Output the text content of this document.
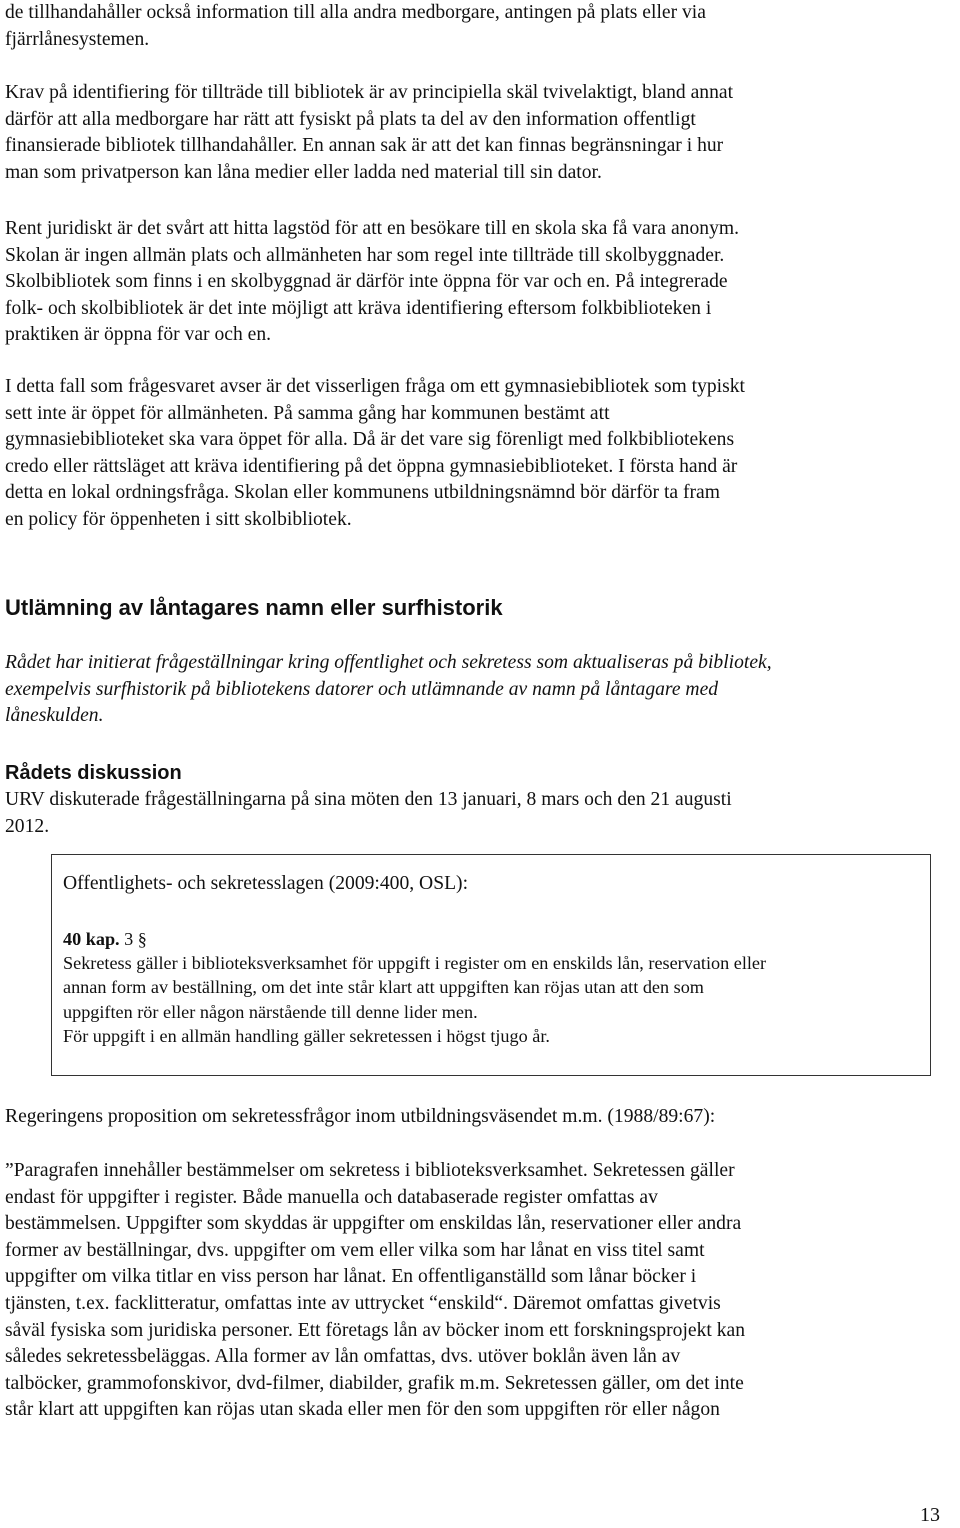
de tillhandahåller också information till alla andra medborgare, antingen på plats eller via
fjärrlånesystemen.

Krav på identifiering för tillträde till bibliotek är av principiella skäl tvivelaktigt, bland annat
därför att alla medborgare har rätt att fysiskt på plats ta del av den information offentligt
finansierade bibliotek tillhandahåller. En annan sak är att det kan finnas begränsningar i hur
man som privatperson kan låna medier eller ladda ned material till sin dator.

Rent juridiskt är det svårt att hitta lagstöd för att en besökare till en skola ska få vara anonym.
Skolan är ingen allmän plats och allmänheten har som regel inte tillträde till skolbyggnader.
Skolbibliotek som finns i en skolbyggnad är därför inte öppna för var och en. På integrerade
folk- och skolbibliotek är det inte möjligt att kräva identifiering eftersom folkbiblioteken i
praktiken är öppna för var och en.

I detta fall som frågesvaret avser är det visserligen fråga om ett gymnasiebibliotek som typiskt
sett inte är öppet för allmänheten. På samma gång har kommunen bestämt att
gymnasiebiblioteket ska vara öppet för alla. Då är det vare sig förenligt med folkbibliotekens
credo eller rättsläget att kräva identifiering på det öppna gymnasiebiblioteket. I första hand är
detta en lokal ordningsfråga. Skolan eller kommunens utbildningsnämnd bör därför ta fram
en policy för öppenheten i sitt skolbibliotek.

Utlämning av låntagares namn eller surfhistorik

Rådet har initierat frågeställningar kring offentlighet och sekretess som aktualiseras på bibliotek,
exempelvis surfhistorik på bibliotekens datorer och utlämnande av namn på låntagare med
låneskulden.

Rådets diskussion

URV diskuterade frågeställningarna på sina möten den 13 januari, 8 mars och den 21 augusti
2012.

Offentlighets- och sekretesslagen (2009:400, OSL):

40 kap. 3 §

Sekretess gäller i biblioteksverksamhet för uppgift i register om en enskilds lån, reservation eller
annan form av beställning, om det inte står klart att uppgiften kan röjas utan att den som
uppgiften rör eller någon närstående till denne lider men.
För uppgift i en allmän handling gäller sekretessen i högst tjugo år.

Regeringens proposition om sekretessfrågor inom utbildningsväsendet m.m. (1988/89:67):

”Paragrafen innehåller bestämmelser om sekretess i biblioteksverksamhet. Sekretessen gäller
endast för uppgifter i register. Både manuella och databaserade register omfattas av
bestämmelsen. Uppgifter som skyddas är uppgifter om enskildas lån, reservationer eller andra
former av beställningar, dvs. uppgifter om vem eller vilka som har lånat en viss titel samt
uppgifter om vilka titlar en viss person har lånat. En offentliganställd som lånar böcker i
tjänsten, t.ex. facklitteratur, omfattas inte av uttrycket “enskild“. Däremot omfattas givetvis
såväl fysiska som juridiska personer. Ett företags lån av böcker inom ett forskningsprojekt kan
således sekretessbeläggas. Alla former av lån omfattas, dvs. utöver boklån även lån av
talböcker, grammofonskivor, dvd-filmer, diabilder, grafik m.m. Sekretessen gäller, om det inte
står klart att uppgiften kan röjas utan skada eller men för den som uppgiften rör eller någon

13
